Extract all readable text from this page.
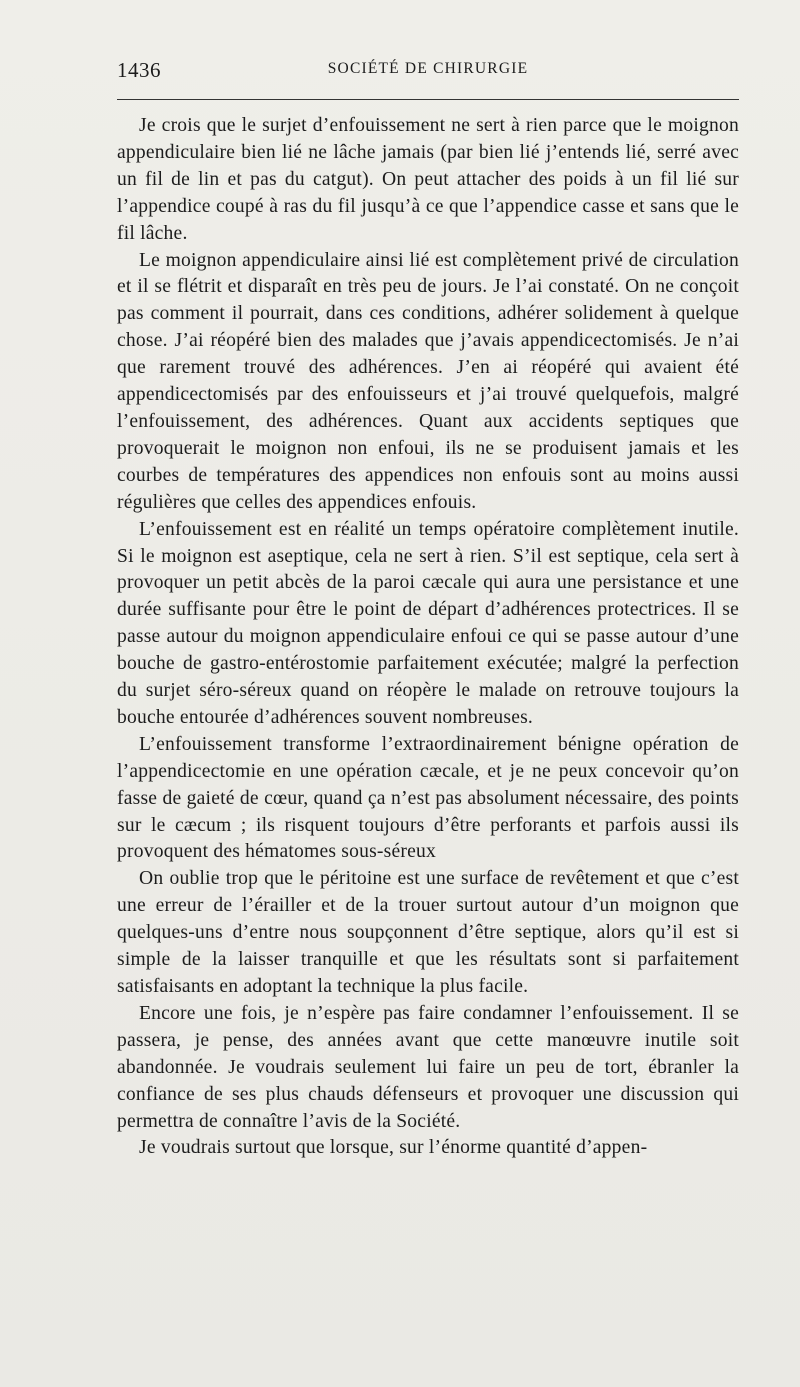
1436	SOCIÉTÉ DE CHIRURGIE

Je crois que le surjet d’enfouissement ne sert à rien parce que le moignon appendiculaire bien lié ne lâche jamais (par bien lié j’entends lié, serré avec un fil de lin et pas du catgut). On peut attacher des poids à un fil lié sur l’appendice coupé à ras du fil jusqu’à ce que l’appendice casse et sans que le fil lâche.

Le moignon appendiculaire ainsi lié est complètement privé de circulation et il se flétrit et disparaît en très peu de jours. Je l’ai constaté. On ne conçoit pas comment il pourrait, dans ces conditions, adhérer solidement à quelque chose. J’ai réopéré bien des malades que j’avais appendicectomisés. Je n’ai que rarement trouvé des adhérences. J’en ai réopéré qui avaient été appendicectomisés par des enfouisseurs et j’ai trouvé quelquefois, malgré l’enfouissement, des adhérences. Quant aux accidents septiques que provoquerait le moignon non enfoui, ils ne se produisent jamais et les courbes de températures des appendices non enfouis sont au moins aussi régulières que celles des appendices enfouis.

L’enfouissement est en réalité un temps opératoire complètement inutile. Si le moignon est aseptique, cela ne sert à rien. S’il est septique, cela sert à provoquer un petit abcès de la paroi cæcale qui aura une persistance et une durée suffisante pour être le point de départ d’adhérences protectrices. Il se passe autour du moignon appendiculaire enfoui ce qui se passe autour d’une bouche de gastro-entérostomie parfaitement exécutée; malgré la perfection du surjet séro-séreux quand on réopère le malade on retrouve toujours la bouche entourée d’adhérences souvent nombreuses.

L’enfouissement transforme l’extraordinairement bénigne opération de l’appendicectomie en une opération cæcale, et je ne peux concevoir qu’on fasse de gaieté de cœur, quand ça n’est pas absolument nécessaire, des points sur le cæcum ; ils risquent toujours d’être perforants et parfois aussi ils provoquent des hématomes sous-séreux

On oublie trop que le péritoine est une surface de revêtement et que c’est une erreur de l’érailler et de la trouer surtout autour d’un moignon que quelques-uns d’entre nous soupçonnent d’être septique, alors qu’il est si simple de la laisser tranquille et que les résultats sont si parfaitement satisfaisants en adoptant la technique la plus facile.

Encore une fois, je n’espère pas faire condamner l’enfouissement. Il se passera, je pense, des années avant que cette manœuvre inutile soit abandonnée. Je voudrais seulement lui faire un peu de tort, ébranler la confiance de ses plus chauds défenseurs et provoquer une discussion qui permettra de connaître l’avis de la Société.

Je voudrais surtout que lorsque, sur l’énorme quantité d’appen-
